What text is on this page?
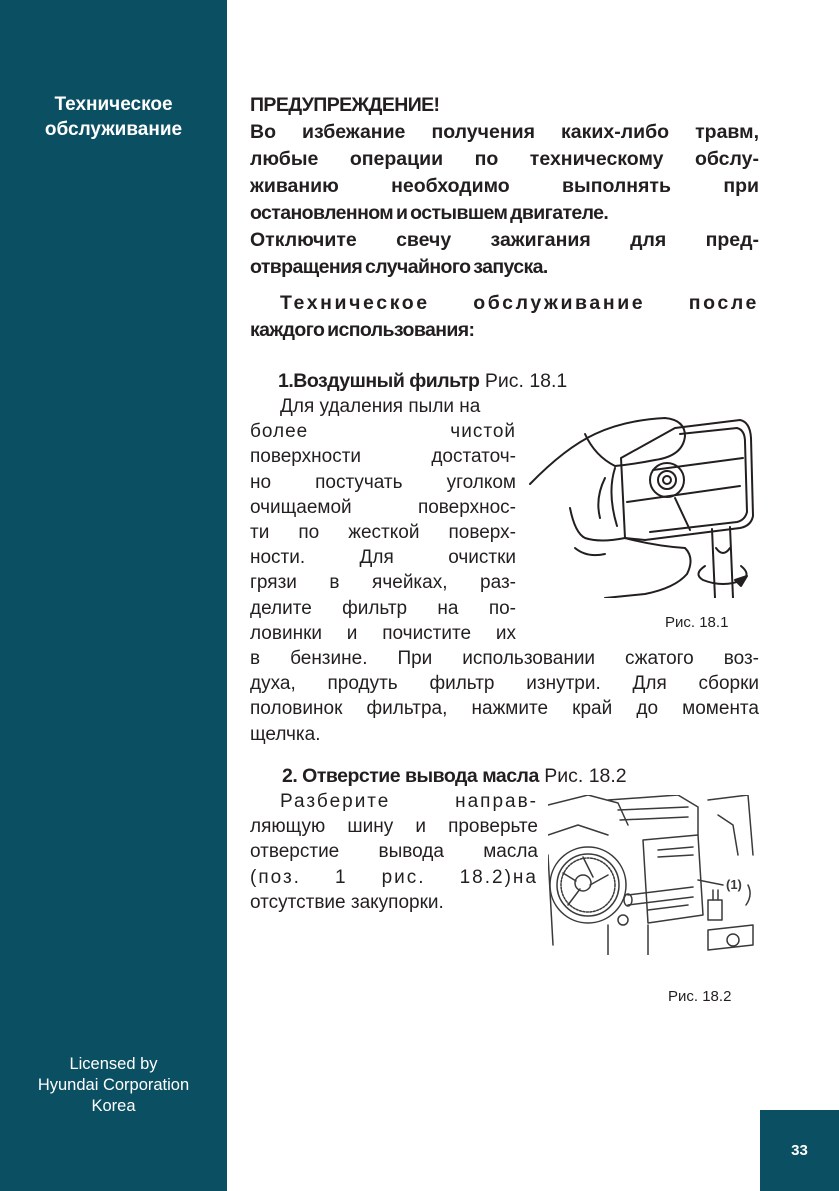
Техническое
обслуживание
Licensed by
Hyundai Corporation
Korea
ПРЕДУПРЕЖДЕНИЕ!
Во избежание получения каких-либо травм,
любые операции по техническому обслу-
живанию необходимо выполнять при
остановленном и остывшем двигателе.
Отключите свечу зажигания для пред-
отвращения случайного запуска.
Техническое обслуживание после
каждого использования:
1.Воздушный фильтр Рис. 18.1
Для удаления пыли на
более чистой
поверхности достаточ-
но постучать уголком
очищаемой поверхнос-
ти по жесткой поверх-
ности. Для очистки
грязи в ячейках, раз-
делите фильтр на по-
ловинки и почистите их
Рис. 18.1
в бензине. При использовании сжатого воз-
духа, продуть фильтр изнутри. Для сборки
половинок фильтра, нажмите край до момента
щелчка.
2. Отверстие вывода масла Рис. 18.2
Разберите направ-
ляющую шину и проверьте
отверстие вывода масла
(поз. 1 рис. 18.2)на
отсутствие закупорки.
(1)
Рис. 18.2
33
